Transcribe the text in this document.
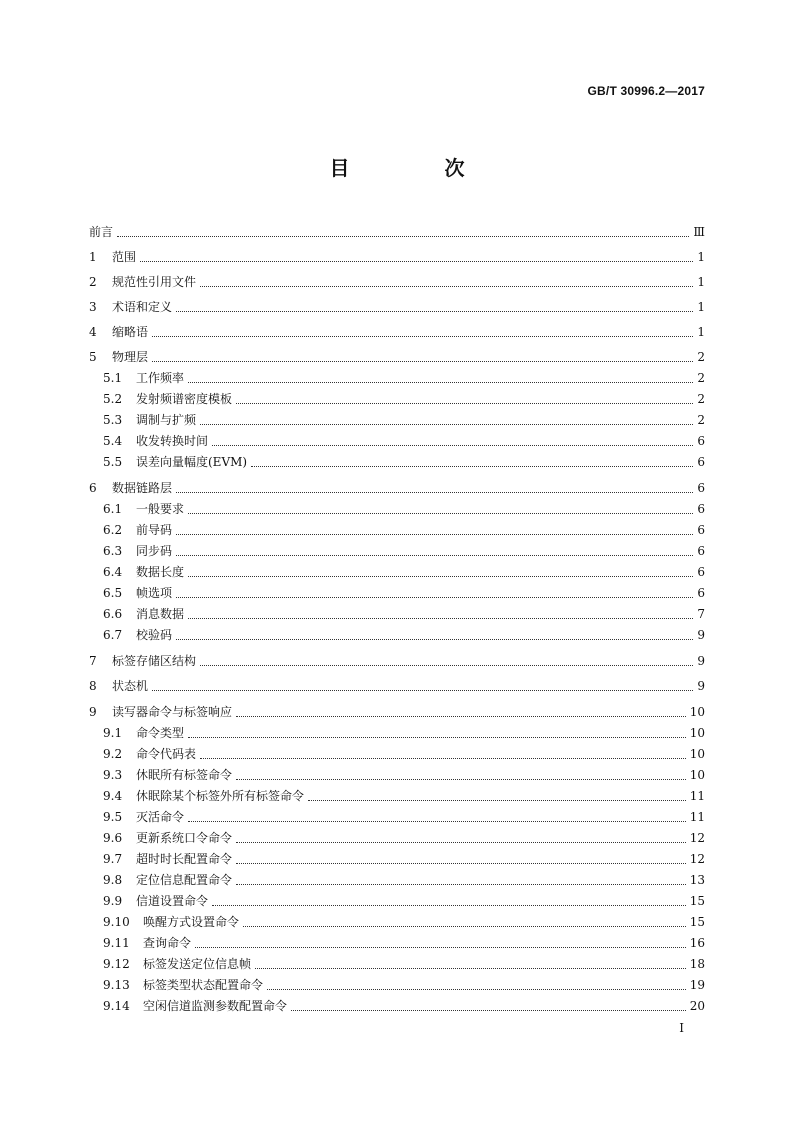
GB/T 30996.2—2017
目 次
前言	Ⅲ
1	范围	1
2	规范性引用文件	1
3	术语和定义	1
4	缩略语	1
5	物理层	2
5.1	工作频率	2
5.2	发射频谱密度模板	2
5.3	调制与扩频	2
5.4	收发转换时间	6
5.5	误差向量幅度(EVM)	6
6	数据链路层	6
6.1	一般要求	6
6.2	前导码	6
6.3	同步码	6
6.4	数据长度	6
6.5	帧选项	6
6.6	消息数据	7
6.7	校验码	9
7	标签存储区结构	9
8	状态机	9
9	读写器命令与标签响应	10
9.1	命令类型	10
9.2	命令代码表	10
9.3	休眠所有标签命令	10
9.4	休眠除某个标签外所有标签命令	11
9.5	灭活命令	11
9.6	更新系统口令命令	12
9.7	超时时长配置命令	12
9.8	定位信息配置命令	13
9.9	信道设置命令	15
9.10	唤醒方式设置命令	15
9.11	查询命令	16
9.12	标签发送定位信息帧	18
9.13	标签类型状态配置命令	19
9.14	空闲信道监测参数配置命令	20
I
